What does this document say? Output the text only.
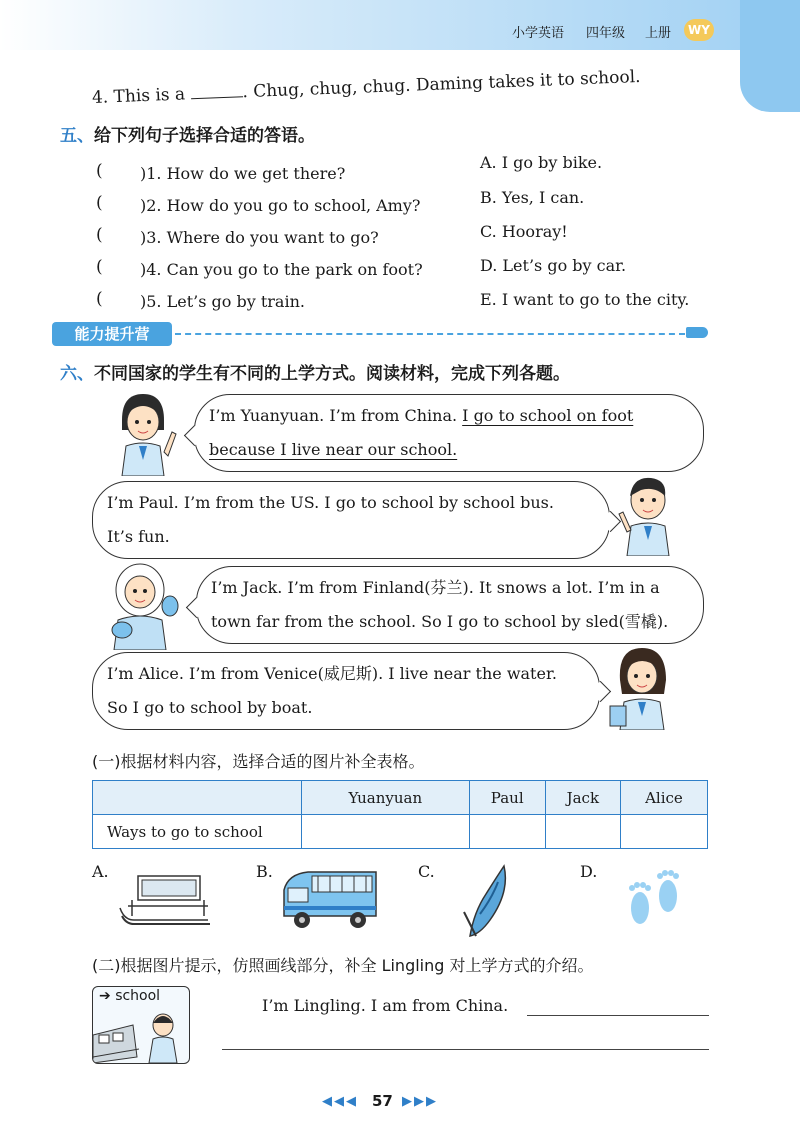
小学英语 四年级 上册	WY
4. This is a	. Chug, chug, chug. Daming takes it to school.
五、给下列句子选择合适的答语。
( )1. How do we get there?
( )2. How do you go to school, Amy?
( )3. Where do you want to go?
( )4. Can you go to the park on foot?
( )5. Let’s go by train.
A. I go by bike.
B. Yes, I can.
C. Hooray!
D. Let’s go by car.
E. I want to go to the city.
能力提升营
六、不同国家的学生有不同的上学方式。阅读材料，完成下列各题。
I’m Yuanyuan. I’m from China. I go to school on foot
because I live near our school.
I’m Paul. I’m from the US. I go to school by school bus.
It’s fun.
I’m Jack. I’m from Finland(芬兰). It snows a lot. I’m in a
town far from the school. So I go to school by sled(雪橇).
I’m Alice. I’m from Venice(威尼斯). I live near the water.
So I go to school by boat.
(一)根据材料内容，选择合适的图片补全表格。
	Yuanyuan	Paul	Jack	Alice
Ways to go to school				
A.	B.	C.	D.
(二)根据图片提示，仿照画线部分，补全 Lingling 对上学方式的介绍。
➔ school	I’m Lingling. I am from China.
◀◀◀ 57 ▶▶▶
